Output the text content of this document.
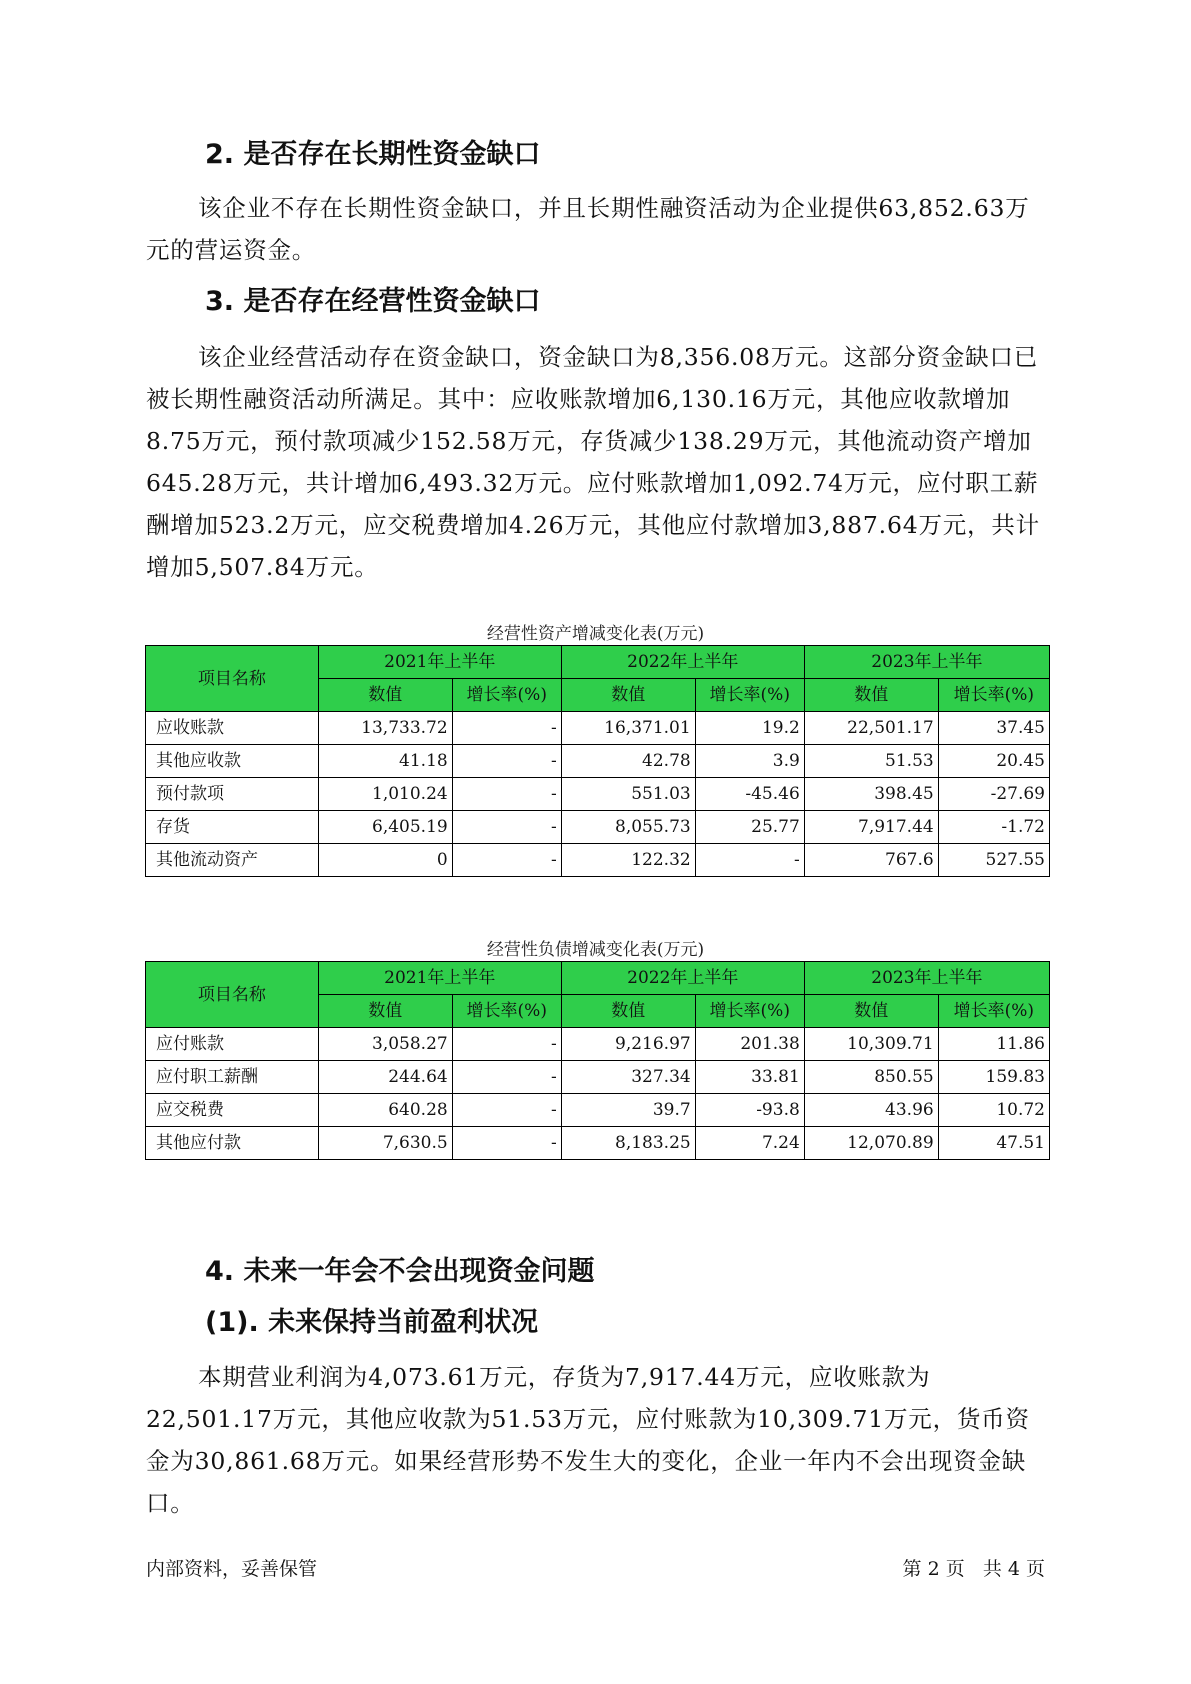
2. 是否存在长期性资金缺口
该企业不存在长期性资金缺口，并且长期性融资活动为企业提供63,852.63万元的营运资金。
3. 是否存在经营性资金缺口
该企业经营活动存在资金缺口，资金缺口为8,356.08万元。这部分资金缺口已被长期性融资活动所满足。其中：应收账款增加6,130.16万元，其他应收款增加8.75万元，预付款项减少152.58万元，存货减少138.29万元，其他流动资产增加645.28万元，共计增加6,493.32万元。应付账款增加1,092.74万元，应付职工薪酬增加523.2万元，应交税费增加4.26万元，其他应付款增加3,887.64万元，共计增加5,507.84万元。
经营性资产增减变化表(万元)
项目名称	2021年上半年		2022年上半年		2023年上半年	
	数值	增长率(%)	数值	增长率(%)	数值	增长率(%)
应收账款	13,733.72	-	16,371.01	19.2	22,501.17	37.45
其他应收款	41.18	-	42.78	3.9	51.53	20.45
预付款项	1,010.24	-	551.03	-45.46	398.45	-27.69
存货	6,405.19	-	8,055.73	25.77	7,917.44	-1.72
其他流动资产	0	-	122.32	-	767.6	527.55
经营性负债增减变化表(万元)
项目名称	2021年上半年		2022年上半年		2023年上半年	
	数值	增长率(%)	数值	增长率(%)	数值	增长率(%)
应付账款	3,058.27	-	9,216.97	201.38	10,309.71	11.86
应付职工薪酬	244.64	-	327.34	33.81	850.55	159.83
应交税费	640.28	-	39.7	-93.8	43.96	10.72
其他应付款	7,630.5	-	8,183.25	7.24	12,070.89	47.51
4. 未来一年会不会出现资金问题
(1). 未来保持当前盈利状况
本期营业利润为4,073.61万元，存货为7,917.44万元，应收账款为22,501.17万元，其他应收款为51.53万元，应付账款为10,309.71万元，货币资金为30,861.68万元。如果经营形势不发生大的变化，企业一年内不会出现资金缺口。
内部资料，妥善保管	第 2 页   共 4 页
